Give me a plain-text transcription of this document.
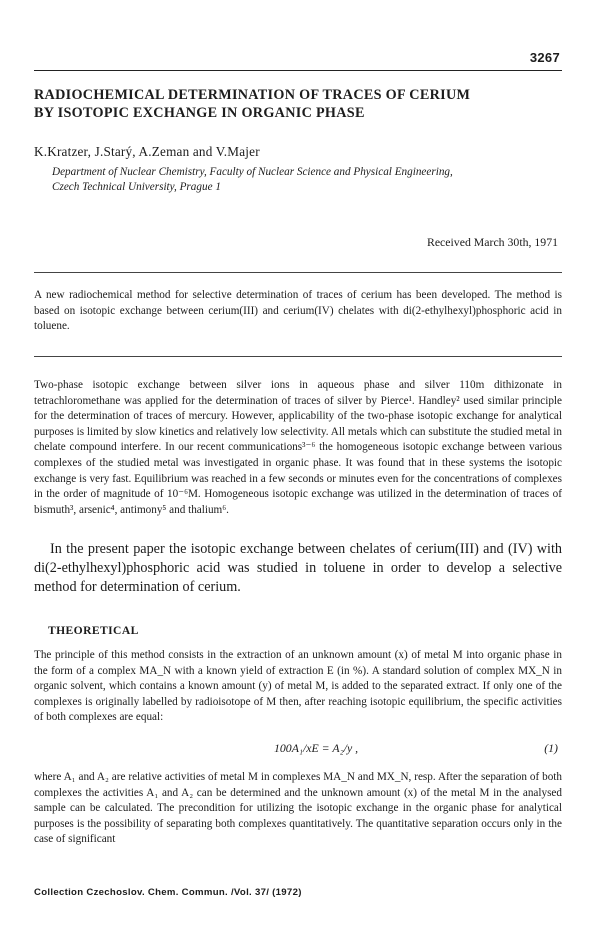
3267
RADIOCHEMICAL DETERMINATION OF TRACES OF CERIUM
BY ISOTOPIC EXCHANGE IN ORGANIC PHASE
K.Kratzer, J.Starý, A.Zeman and V.Majer
Department of Nuclear Chemistry, Faculty of Nuclear Science and Physical Engineering,
Czech Technical University, Prague 1
Received March 30th, 1971
A new radiochemical method for selective determination of traces of cerium has been developed. The method is based on isotopic exchange between cerium(III) and cerium(IV) chelates with di(2-ethylhexyl)phosphoric acid in toluene.
Two-phase isotopic exchange between silver ions in aqueous phase and silver 110m dithizonate in tetrachloromethane was applied for the determination of traces of silver by Pierce¹. Handley² used similar principle for the determination of traces of mercury. However, applicability of the two-phase isotopic exchange for analytical purposes is limited by slow kinetics and relatively low selectivity. All metals which can substitute the studied metal in chelate compound interfere. In our recent communications³⁻⁶ the homogeneous isotopic exchange between various complexes of the studied metal was investigated in organic phase. It was found that in these systems the isotopic exchange is very fast. Equilibrium was reached in a few seconds or minutes even for the concentrations of complexes in the order of magnitude of 10⁻⁶M. Homogeneous isotopic exchange was utilized in the determination of traces of bismuth³, arsenic⁴, antimony⁵ and thalium⁶.
In the present paper the isotopic exchange between chelates of cerium(III) and (IV) with di(2-ethylhexyl)phosphoric acid was studied in toluene in order to develop a selective method for determination of cerium.
THEORETICAL
The principle of this method consists in the extraction of an unknown amount (x) of metal M into organic phase in the form of a complex MA_N with a known yield of extraction E (in %). A standard solution of complex MX_N in organic solvent, which contains a known amount (y) of metal M, is added to the separated extract. If only one of the complexes is originally labelled by radioisotope of M then, after reaching isotopic equilibrium, the specific activities of both complexes are equal:
100A₁/xE = A₂/y ,	(1)
where A₁ and A₂ are relative activities of metal M in complexes MA_N and MX_N, resp. After the separation of both complexes the activities A₁ and A₂ can be determined and the unknown amount (x) of the metal M in the analysed sample can be calculated. The precondition for utilizing the isotopic exchange in the organic phase for analytical purposes is the possibility of separating both complexes quantitatively. The quantitative separation occurs only in the case of significant
Collection Czechoslov. Chem. Commun. /Vol. 37/ (1972)
